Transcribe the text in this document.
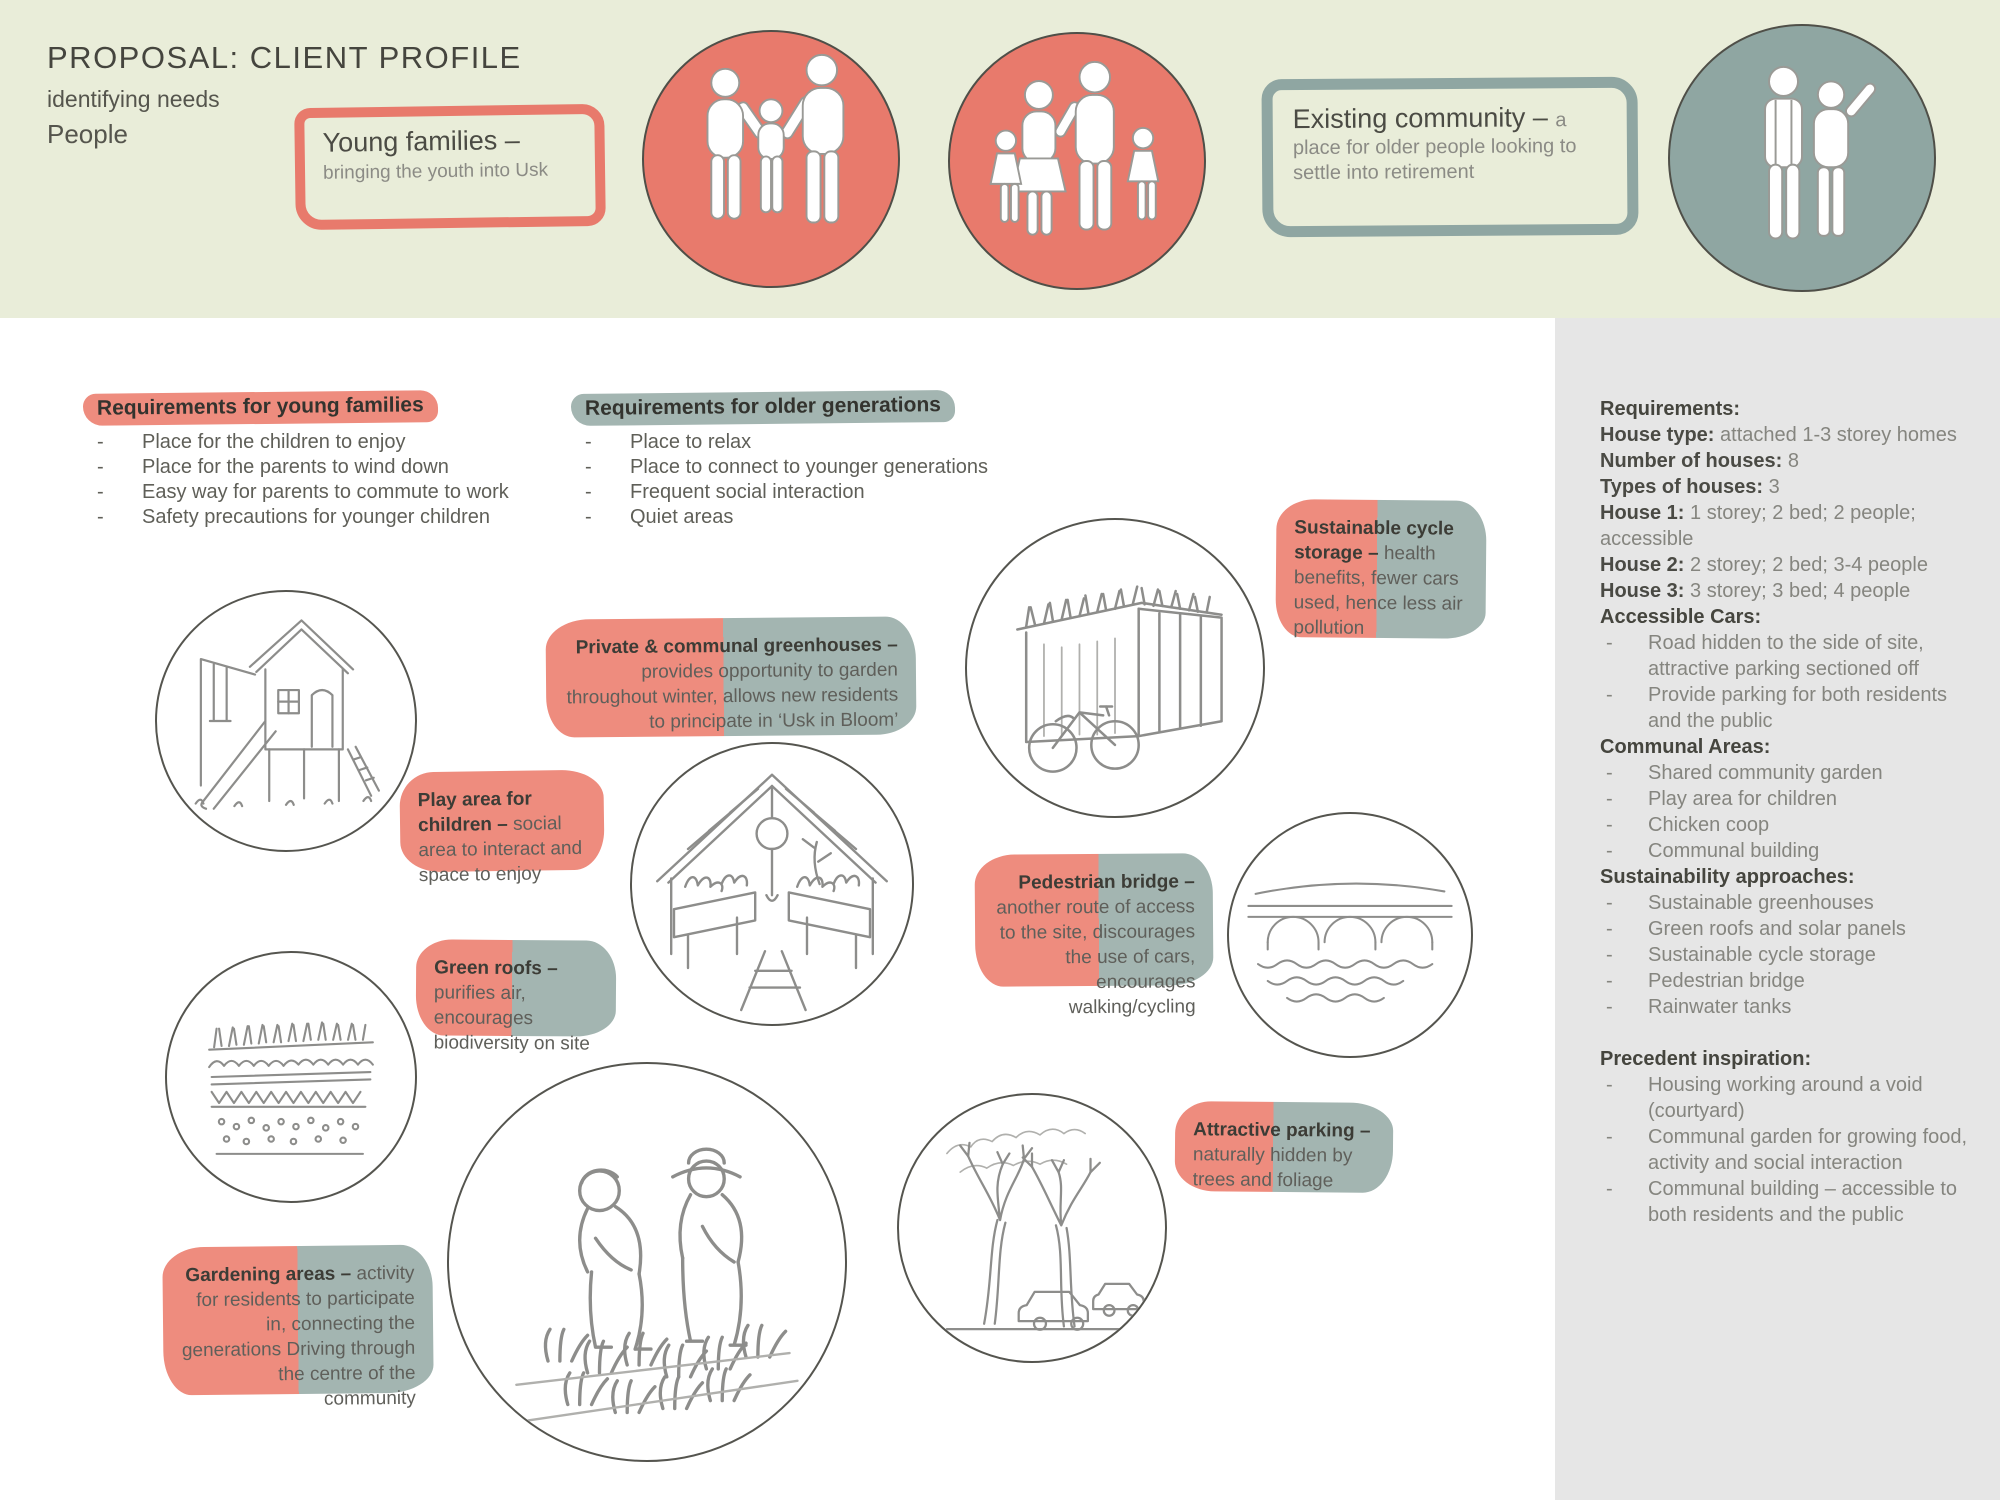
PROPOSAL: CLIENT PROFILE
identifying needs
People	Young families –
bringing the youth into Usk
Existing community – a
place for older people looking to
settle into retirement
Requirements for young families
- Place for the children to enjoy
- Place for the parents to wind down
- Easy way for parents to commute to work
- Safety precautions for younger children
Requirements for older generations
- Place to relax
- Place to connect to younger generations
- Frequent social interaction
- Quiet areas
Sustainable cycle storage – health benefits, fewer cars used, hence less air pollution
Private & communal greenhouses – provides opportunity to garden throughout winter, allows new residents to principate in ‘Usk in Bloom’
Play area for children – social area to interact and space to enjoy
Green roofs – purifies air, encourages biodiversity on site
Pedestrian bridge – another route of access to the site, discourages the use of cars, encourages walking/cycling
Attractive parking – naturally hidden by trees and foliage
Gardening areas – activity for residents to participate in, connecting the generations Driving through the centre of the community
Requirements:
House type: attached 1-3 storey homes
Number of houses: 8
Types of houses: 3
House 1: 1 storey; 2 bed; 2 people; accessible
House 2: 2 storey; 2 bed; 3-4 people
House 3: 3 storey; 3 bed; 4 people
Accessible Cars:
- Road hidden to the side of site, attractive parking sectioned off
- Provide parking for both residents and the public
Communal Areas:
- Shared community garden
- Play area for children
- Chicken coop
- Communal building
Sustainability approaches:
- Sustainable greenhouses
- Green roofs and solar panels
- Sustainable cycle storage
- Pedestrian bridge
- Rainwater tanks
Precedent inspiration:
- Housing working around a void (courtyard)
- Communal garden for growing food, activity and social interaction
- Communal building – accessible to both residents and the public
